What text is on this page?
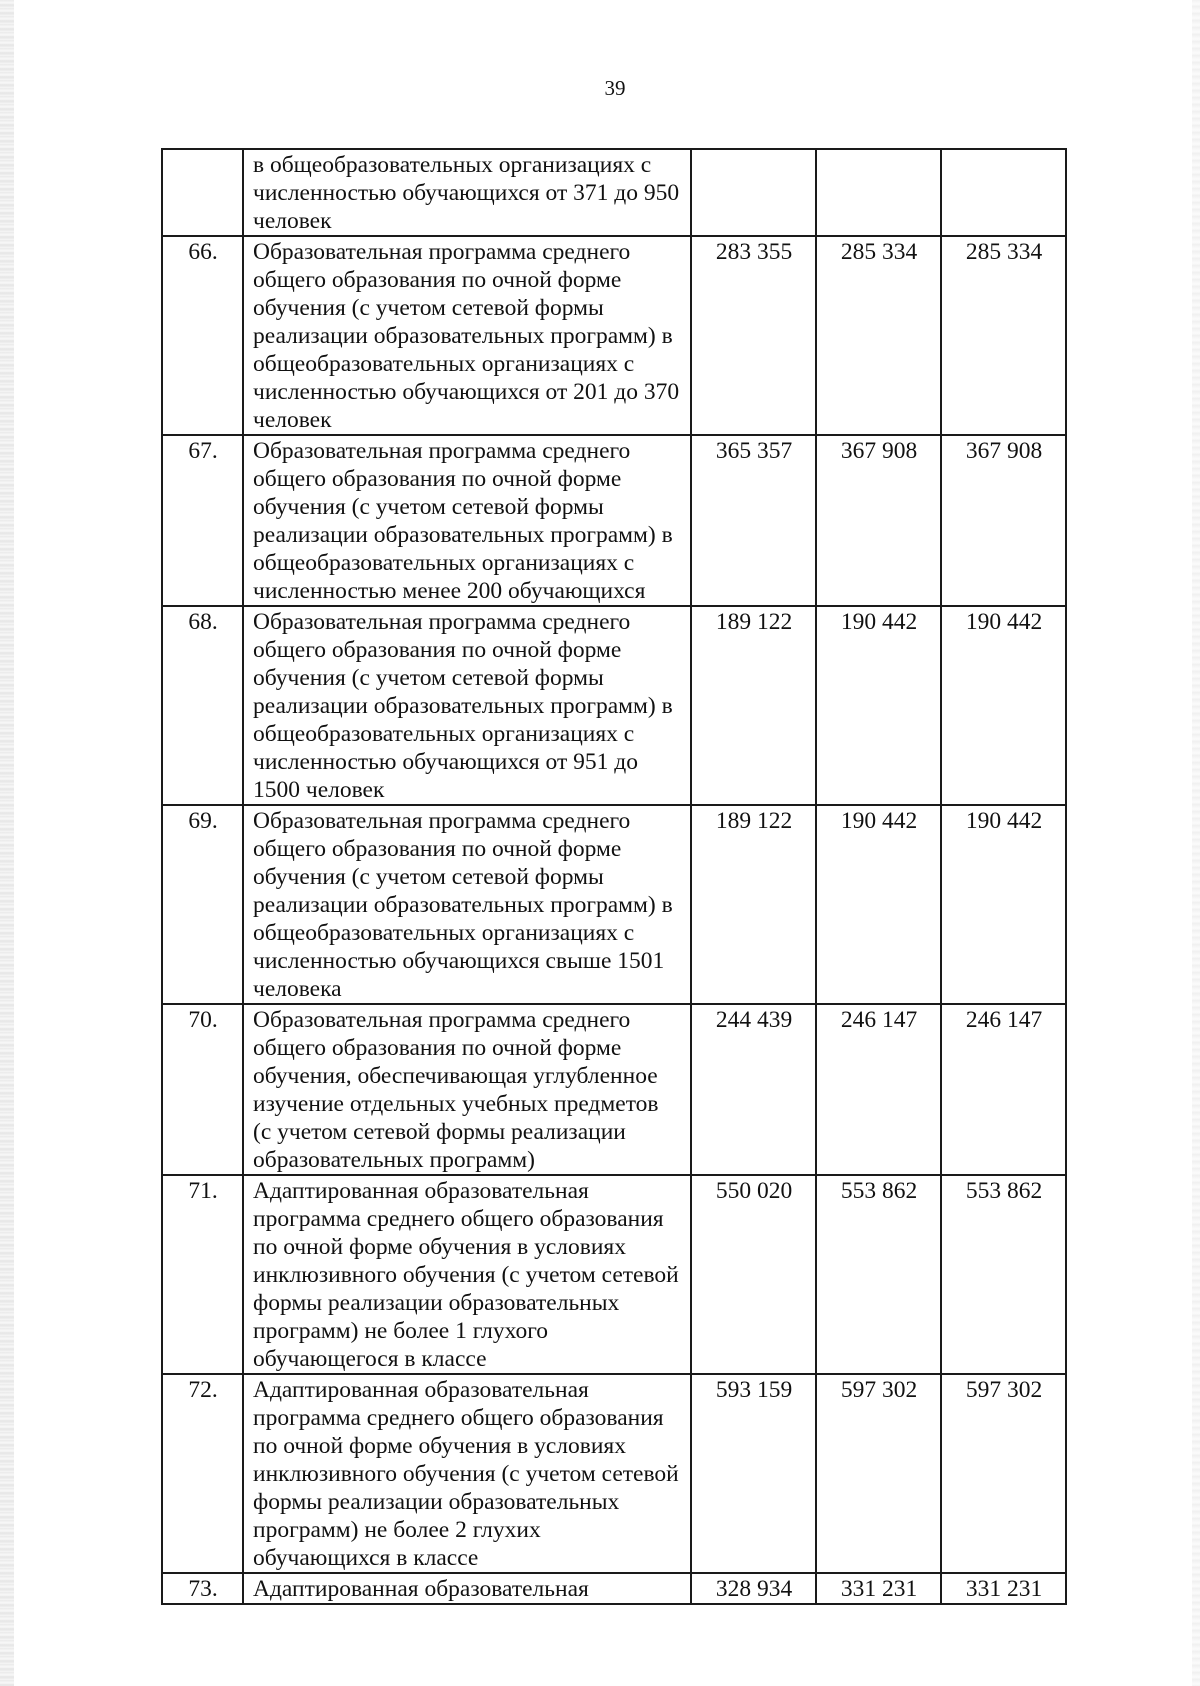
39
	в общеобразовательных организациях с численностью обучающихся от 371 до 950 человек			
66.	Образовательная программа среднего общего образования по очной форме обучения (с учетом сетевой формы реализации образовательных программ) в общеобразовательных организациях с численностью обучающихся от 201 до 370 человек	283 355	285 334	285 334
67.	Образовательная программа среднего общего образования по очной форме обучения (с учетом сетевой формы реализации образовательных программ) в общеобразовательных организациях с численностью менее 200 обучающихся	365 357	367 908	367 908
68.	Образовательная программа среднего общего образования по очной форме обучения (с учетом сетевой формы реализации образовательных программ) в общеобразовательных организациях с численностью обучающихся от 951 до 1500 человек	189 122	190 442	190 442
69.	Образовательная программа среднего общего образования по очной форме обучения (с учетом сетевой формы реализации образовательных программ) в общеобразовательных организациях с численностью обучающихся свыше 1501 человека	189 122	190 442	190 442
70.	Образовательная программа среднего общего образования по очной форме обучения, обеспечивающая углубленное изучение отдельных учебных предметов (с учетом сетевой формы реализации образовательных программ)	244 439	246 147	246 147
71.	Адаптированная образовательная программа среднего общего образования по очной форме обучения в условиях инклюзивного обучения (с учетом сетевой формы реализации образовательных программ) не более 1 глухого обучающегося в классе	550 020	553 862	553 862
72.	Адаптированная образовательная программа среднего общего образования по очной форме обучения в условиях инклюзивного обучения (с учетом сетевой формы реализации образовательных программ) не более 2 глухих обучающихся в классе	593 159	597 302	597 302
73.	Адаптированная образовательная	328 934	331 231	331 231
